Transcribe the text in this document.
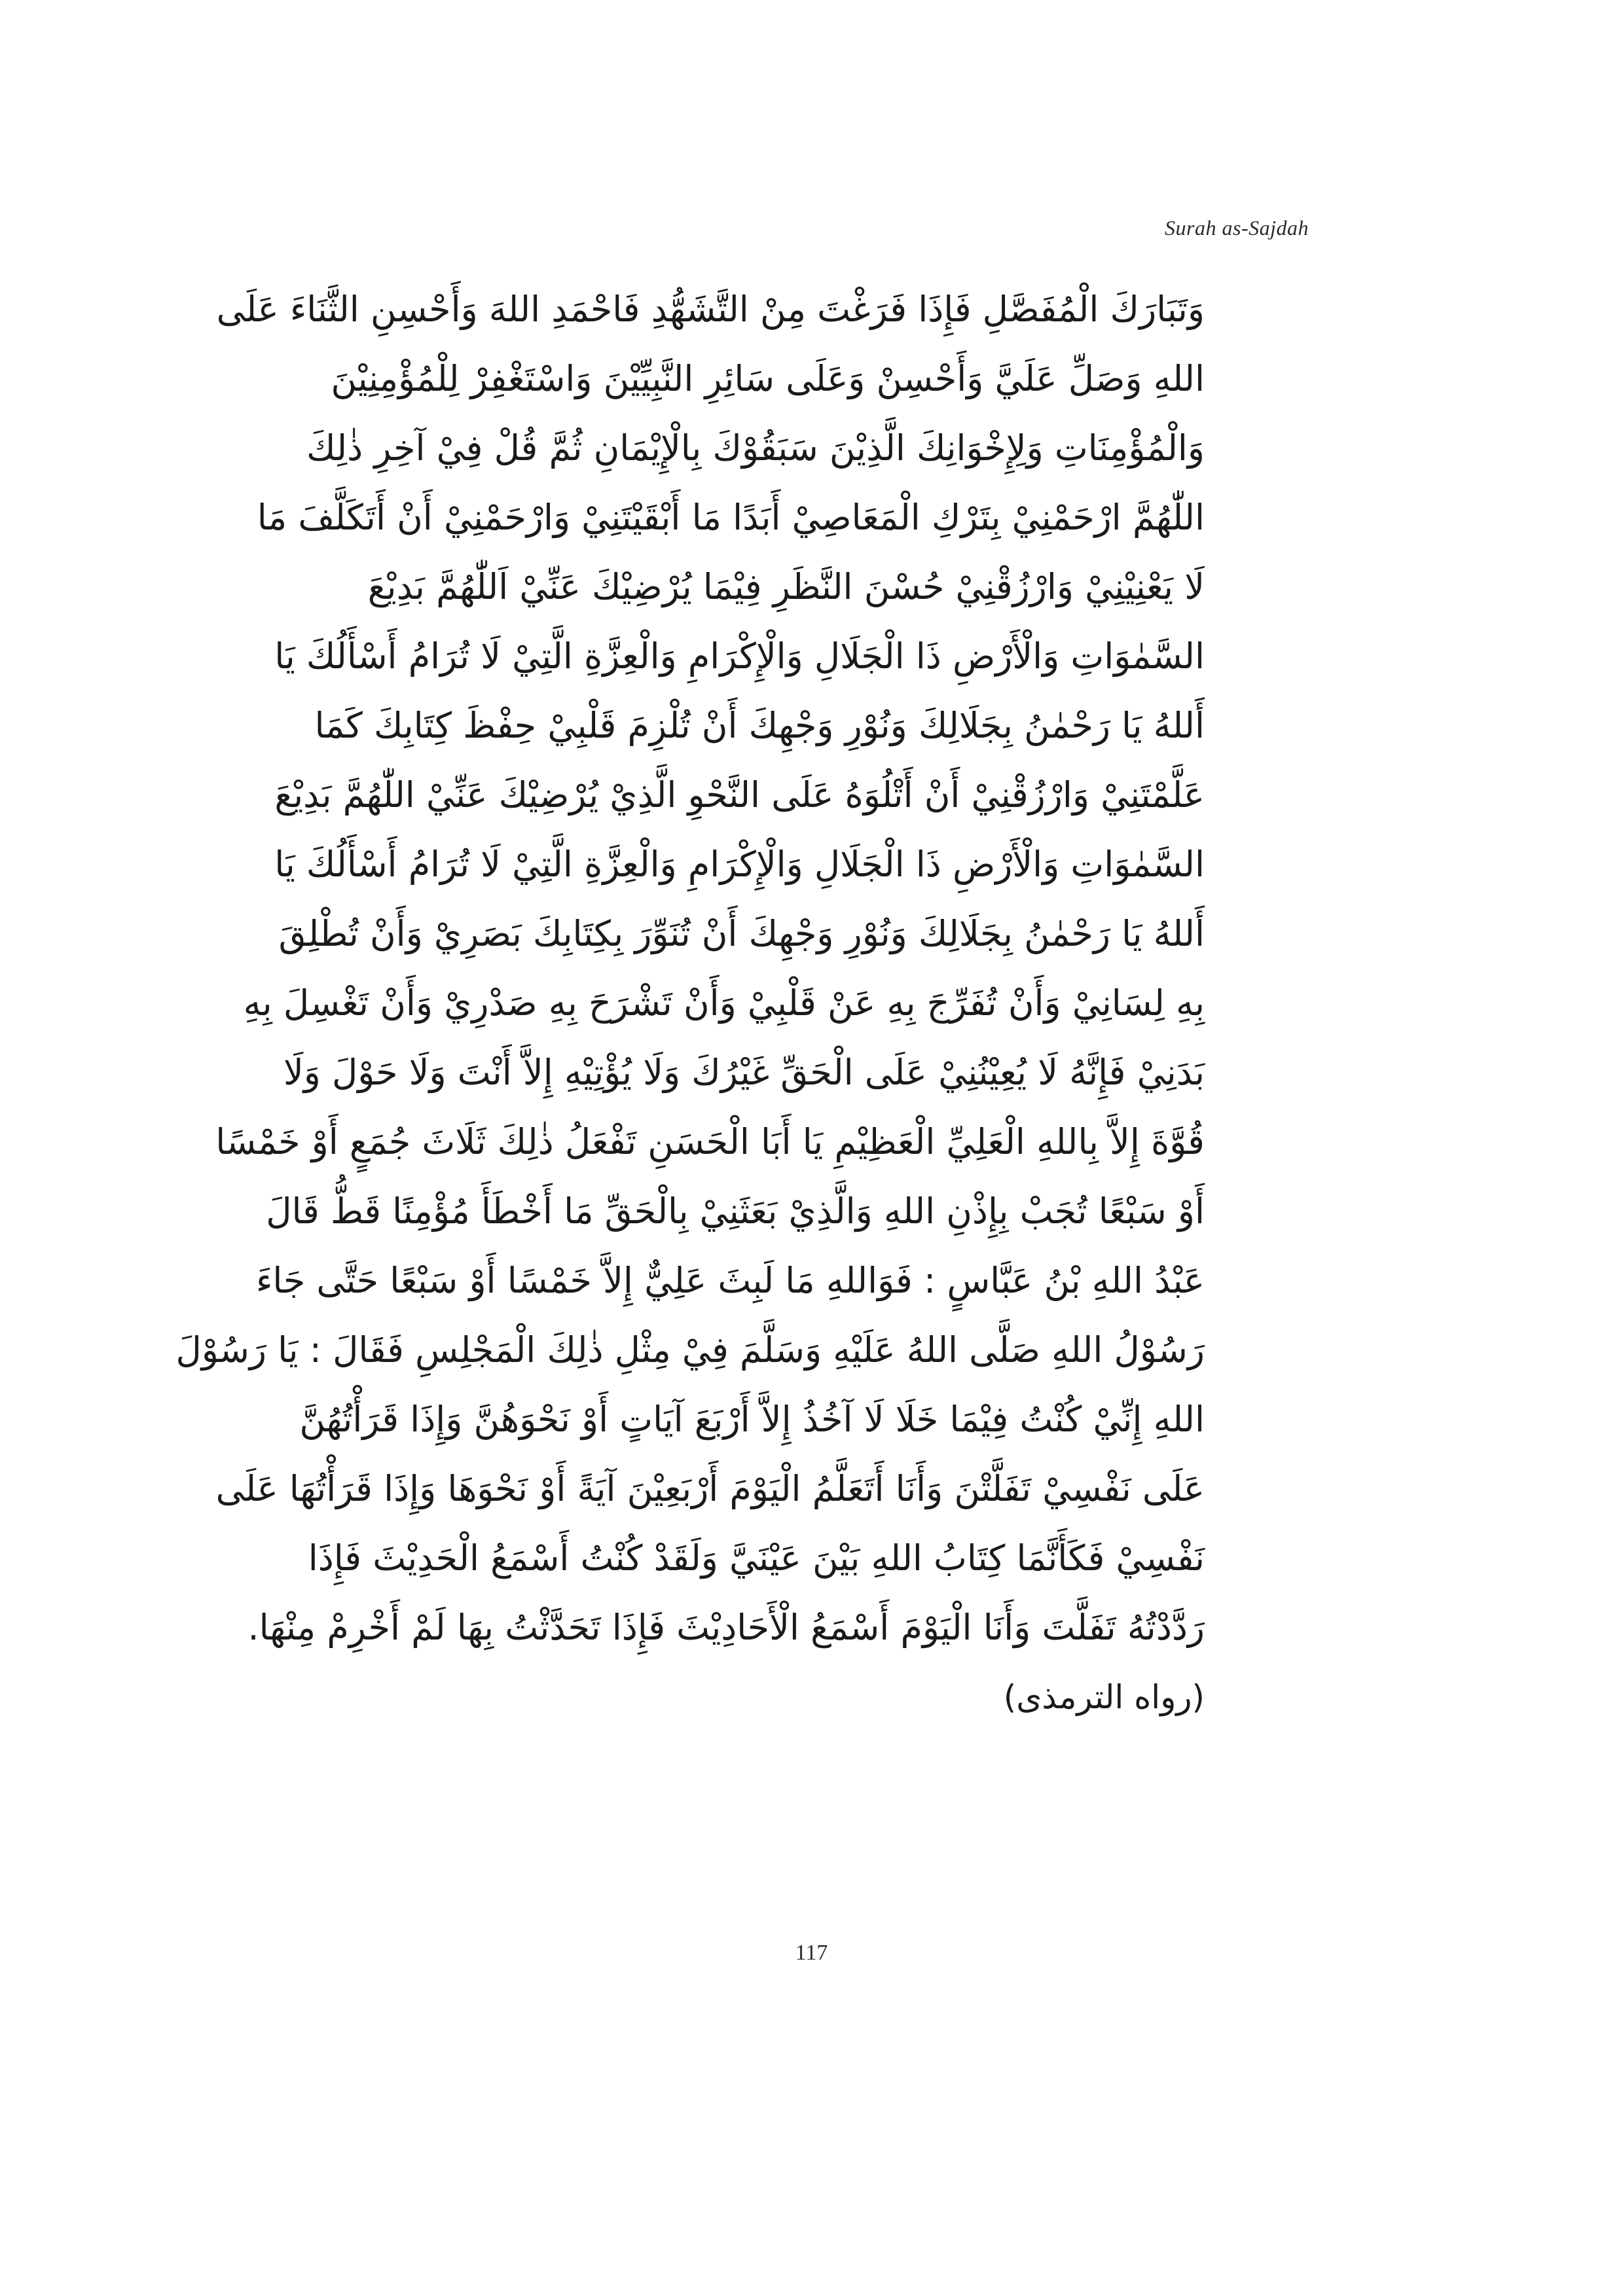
Surah as-Sajdah
وَتَبَارَكَ الْمُفَصَّلِ فَإِذَا فَرَغْتَ مِنْ التَّشَهُّدِ فَاحْمَدِ اللهَ وَأَحْسِنِ الثَّنَاءَ عَلَى
اللهِ وَصَلِّ عَلَيَّ وَأَحْسِنْ وَعَلَى سَائِرِ النَّبِيِّيْنَ وَاسْتَغْفِرْ لِلْمُؤْمِنِيْنَ
وَالْمُؤْمِنَاتِ وَلِإِخْوَانِكَ الَّذِيْنَ سَبَقُوْكَ بِالْإِيْمَانِ ثُمَّ قُلْ فِيْ آخِرِ ذٰلِكَ
اللّٰهُمَّ ارْحَمْنِيْ بِتَرْكِ الْمَعَاصِيْ أَبَدًا مَا أَبْقَيْتَنِيْ وَارْحَمْنِيْ أَنْ أَتَكَلَّفَ مَا
لَا يَعْنِيْنِيْ وَارْزُقْنِيْ حُسْنَ النَّظَرِ فِيْمَا يُرْضِيْكَ عَنِّيْ اَللّٰهُمَّ بَدِيْعَ
السَّمٰوَاتِ وَالْأَرْضِ ذَا الْجَلَالِ وَالْإِكْرَامِ وَالْعِزَّةِ الَّتِيْ لَا تُرَامُ أَسْأَلُكَ يَا
أَللهُ يَا رَحْمٰنُ بِجَلَالِكَ وَنُوْرِ وَجْهِكَ أَنْ تُلْزِمَ قَلْبِيْ حِفْظَ كِتَابِكَ كَمَا
عَلَّمْتَنِيْ وَارْزُقْنِيْ أَنْ أَتْلُوَهُ عَلَى النَّحْوِ الَّذِيْ يُرْضِيْكَ عَنِّيْ اللّٰهُمَّ بَدِيْعَ
السَّمٰوَاتِ وَالْأَرْضِ ذَا الْجَلَالِ وَالْإِكْرَامِ وَالْعِزَّةِ الَّتِيْ لَا تُرَامُ أَسْأَلُكَ يَا
أَللهُ يَا رَحْمٰنُ بِجَلَالِكَ وَنُوْرِ وَجْهِكَ أَنْ تُنَوِّرَ بِكِتَابِكَ بَصَرِيْ وَأَنْ تُطْلِقَ
بِهِ لِسَانِيْ وَأَنْ تُفَرِّجَ بِهِ عَنْ قَلْبِيْ وَأَنْ تَشْرَحَ بِهِ صَدْرِيْ وَأَنْ تَغْسِلَ بِهِ
بَدَنِيْ فَإِنَّهُ لَا يُعِيْنُنِيْ عَلَى الْحَقِّ غَيْرُكَ وَلَا يُؤْتِيْهِ إِلاَّ أَنْتَ وَلَا حَوْلَ وَلَا
قُوَّةَ إِلاَّ بِاللهِ الْعَلِيِّ الْعَظِيْمِ يَا أَبَا الْحَسَنِ تَفْعَلُ ذٰلِكَ ثَلَاثَ جُمَعٍ أَوْ خَمْسًا
أَوْ سَبْعًا تُجَبْ بِإِذْنِ اللهِ وَالَّذِيْ بَعَثَنِيْ بِالْحَقِّ مَا أَخْطَأَ مُؤْمِنًا قَطُّ قَالَ
عَبْدُ اللهِ بْنُ عَبَّاسٍ : فَوَاللهِ مَا لَبِثَ عَلِيٌّ إِلاَّ خَمْسًا أَوْ سَبْعًا حَتَّى جَاءَ
رَسُوْلُ اللهِ صَلَّى اللهُ عَلَيْهِ وَسَلَّمَ فِيْ مِثْلِ ذٰلِكَ الْمَجْلِسِ فَقَالَ : يَا رَسُوْلَ
اللهِ إِنِّيْ كُنْتُ فِيْمَا خَلَا لَا آخُذُ إِلاَّ أَرْبَعَ آيَاتٍ أَوْ نَحْوَهُنَّ وَإِذَا قَرَأْتُهُنَّ
عَلَى نَفْسِيْ تَفَلَّتْنَ وَأَنَا أَتَعَلَّمُ الْيَوْمَ أَرْبَعِيْنَ آيَةً أَوْ نَحْوَهَا وَإِذَا قَرَأْتُهَا عَلَى
نَفْسِيْ فَكَأَنَّمَا كِتَابُ اللهِ بَيْنَ عَيْنَيَّ وَلَقَدْ كُنْتُ أَسْمَعُ الْحَدِيْثَ فَإِذَا
رَدَّدْتُهُ تَفَلَّتَ وَأَنَا الْيَوْمَ أَسْمَعُ الْأَحَادِيْثَ فَإِذَا تَحَدَّثْتُ بِهَا لَمْ أَخْرِمْ مِنْهَا.
(رواه الترمذى)
117
